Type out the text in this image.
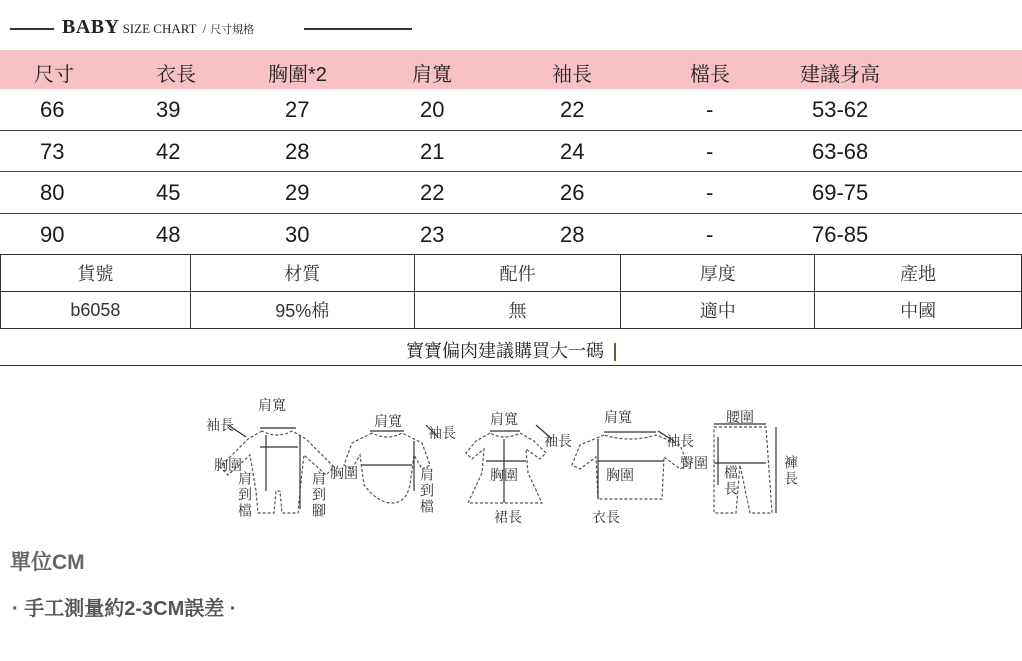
BABY SIZE CHART / 尺寸規格
尺寸	衣長	胸圍*2	肩寬	袖長	檔長	建議身高
66	39	27	20	22	-	53-62
73	42	28	21	24	-	63-68
80	45	29	22	26	-	69-75
90	48	30	23	28	-	76-85
貨號	材質	配件	厚度	產地
b6058	95%棉	無	適中	中國
寶寶偏肉建議購買大一碼
肩寬
袖長
胸圍
肩到檔	肩到腳
肩寬
袖長
胸圍	肩到檔
肩寬
袖長
胸圍
裙長
肩寬
袖長
胸圍
衣長
腰圍
臀圍
檔長	褲長
單位CM
· 手工測量約2-3CM誤差 ·
